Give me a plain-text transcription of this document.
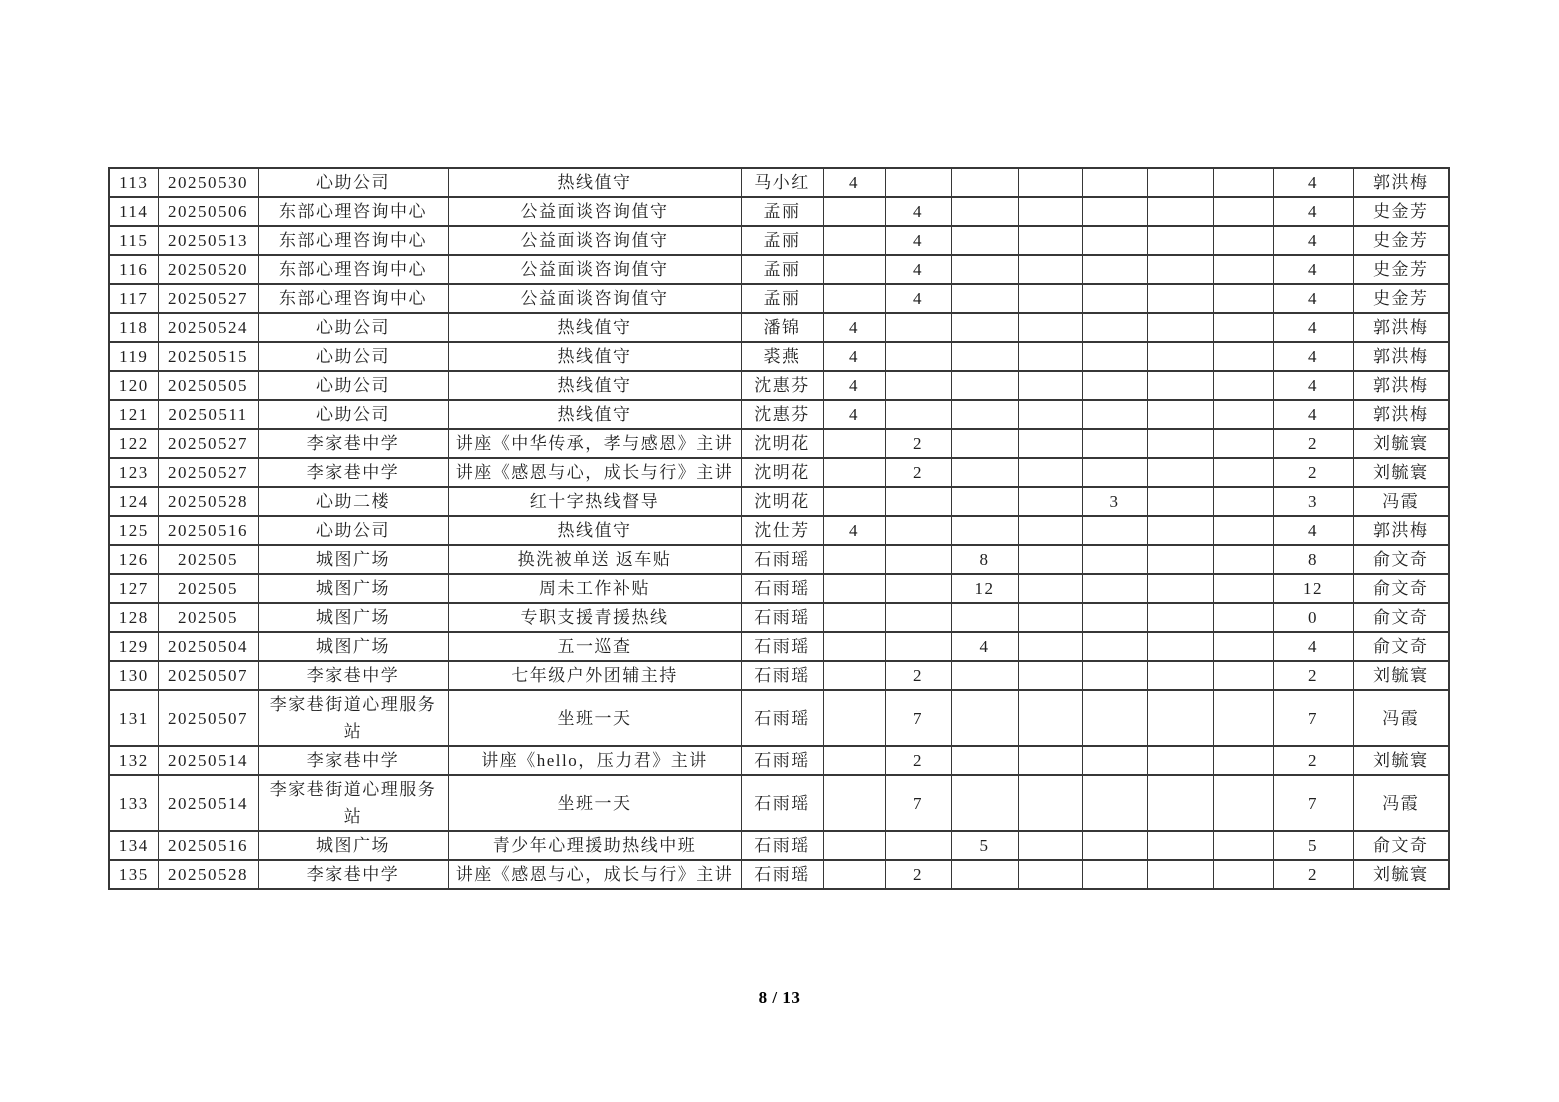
113	20250530	心助公司	热线值守	马小红	4							4	郭洪梅
114	20250506	东部心理咨询中心	公益面谈咨询值守	孟丽		4						4	史金芳
115	20250513	东部心理咨询中心	公益面谈咨询值守	孟丽		4						4	史金芳
116	20250520	东部心理咨询中心	公益面谈咨询值守	孟丽		4						4	史金芳
117	20250527	东部心理咨询中心	公益面谈咨询值守	孟丽		4						4	史金芳
118	20250524	心助公司	热线值守	潘锦	4							4	郭洪梅
119	20250515	心助公司	热线值守	裘燕	4							4	郭洪梅
120	20250505	心助公司	热线值守	沈惠芬	4							4	郭洪梅
121	20250511	心助公司	热线值守	沈惠芬	4							4	郭洪梅
122	20250527	李家巷中学	讲座《中华传承，孝与感恩》主讲	沈明花		2						2	刘毓寰
123	20250527	李家巷中学	讲座《感恩与心，成长与行》主讲	沈明花		2						2	刘毓寰
124	20250528	心助二楼	红十字热线督导	沈明花					3			3	冯霞
125	20250516	心助公司	热线值守	沈仕芳	4							4	郭洪梅
126	202505	城图广场	换洗被单送 返车贴	石雨瑶			8					8	俞文奇
127	202505	城图广场	周未工作补贴	石雨瑶			12					12	俞文奇
128	202505	城图广场	专职支援青援热线	石雨瑶								0	俞文奇
129	20250504	城图广场	五一巡查	石雨瑶			4					4	俞文奇
130	20250507	李家巷中学	七年级户外团辅主持	石雨瑶		2						2	刘毓寰
131	20250507	李家巷街道心理服务站	坐班一天	石雨瑶		7						7	冯霞
132	20250514	李家巷中学	讲座《hello，压力君》主讲	石雨瑶		2						2	刘毓寰
133	20250514	李家巷街道心理服务站	坐班一天	石雨瑶		7						7	冯霞
134	20250516	城图广场	青少年心理援助热线中班	石雨瑶			5					5	俞文奇
135	20250528	李家巷中学	讲座《感恩与心，成长与行》主讲	石雨瑶		2						2	刘毓寰
8 / 13
